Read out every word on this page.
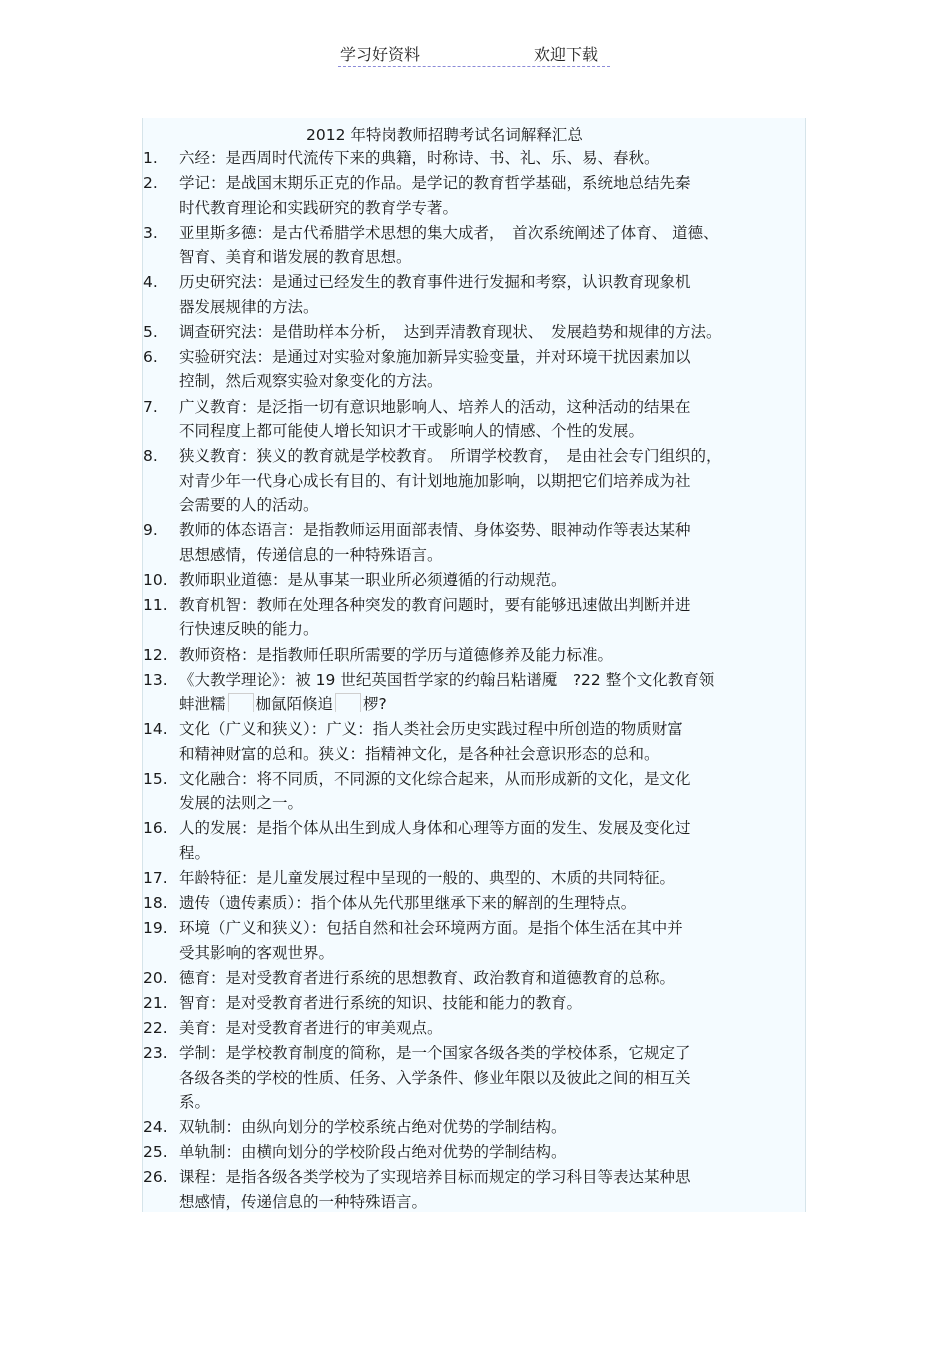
学习好资料	欢迎下载
2012 年特岗教师招聘考试名词解释汇总
1. 六经：是西周时代流传下来的典籍，时称诗、书、礼、乐、易、春秋。
2. 学记：是战国末期乐正克的作品。是学记的教育哲学基础，系统地总结先秦
时代教育理论和实践研究的教育学专著。
3. 亚里斯多德：是古代希腊学术思想的集大成者，　首次系统阐述了体育、 道德、
智育、美育和谐发展的教育思想。
4. 历史研究法：是通过已经发生的教育事件进行发掘和考察，认识教育现象机
器发展规律的方法。
5. 调查研究法：是借助样本分析，　达到弄清教育现状、　发展趋势和规律的方法。
6. 实验研究法：是通过对实验对象施加新异实验变量，并对环境干扰因素加以
控制，然后观察实验对象变化的方法。
7. 广义教育：是泛指一切有意识地影响人、培养人的活动，这种活动的结果在
不同程度上都可能使人增长知识才干或影响人的情感、个性的发展。
8. 狭义教育：狭义的教育就是学校教育。　所谓学校教育，　是由社会专门组织的，
对青少年一代身心成长有目的、有计划地施加影响，以期把它们培养成为社
会需要的人的活动。
9. 教师的体态语言：是指教师运用面部表情、身体姿势、眼神动作等表达某种
思想感情，传递信息的一种特殊语言。
10. 教师职业道德：是从事某一职业所必须遵循的行动规范。
11. 教育机智：教师在处理各种突发的教育问题时，要有能够迅速做出判断并进
行快速反映的能力。
12. 教师资格：是指教师任职所需要的学历与道德修养及能力标准。
13. 《大教学理论》：被 19 世纪英国哲学家的约翰吕粘谱魇　?22 整个文化教育领
蚌泄糯 枷氤陌倏追 椤?
14. 文化（广义和狭义）：广义：指人类社会历史实践过程中所创造的物质财富
和精神财富的总和。狭义：指精神文化，是各种社会意识形态的总和。
15. 文化融合：将不同质，不同源的文化综合起来，从而形成新的文化，是文化
发展的法则之一。
16. 人的发展：是指个体从出生到成人身体和心理等方面的发生、发展及变化过
程。
17. 年龄特征：是儿童发展过程中呈现的一般的、典型的、木质的共同特征。
18. 遗传（遗传素质）：指个体从先代那里继承下来的解剖的生理特点。
19. 环境（广义和狭义）：包括自然和社会环境两方面。是指个体生活在其中并
受其影响的客观世界。
20. 德育：是对受教育者进行系统的思想教育、政治教育和道德教育的总称。
21. 智育：是对受教育者进行系统的知识、技能和能力的教育。
22. 美育：是对受教育者进行的审美观点。
23. 学制：是学校教育制度的简称，是一个国家各级各类的学校体系，它规定了
各级各类的学校的性质、任务、入学条件、修业年限以及彼此之间的相互关
系。
24. 双轨制：由纵向划分的学校系统占绝对优势的学制结构。
25. 单轨制：由横向划分的学校阶段占绝对优势的学制结构。
26. 课程：是指各级各类学校为了实现培养目标而规定的学习科目等表达某种思
想感情，传递信息的一种特殊语言。
